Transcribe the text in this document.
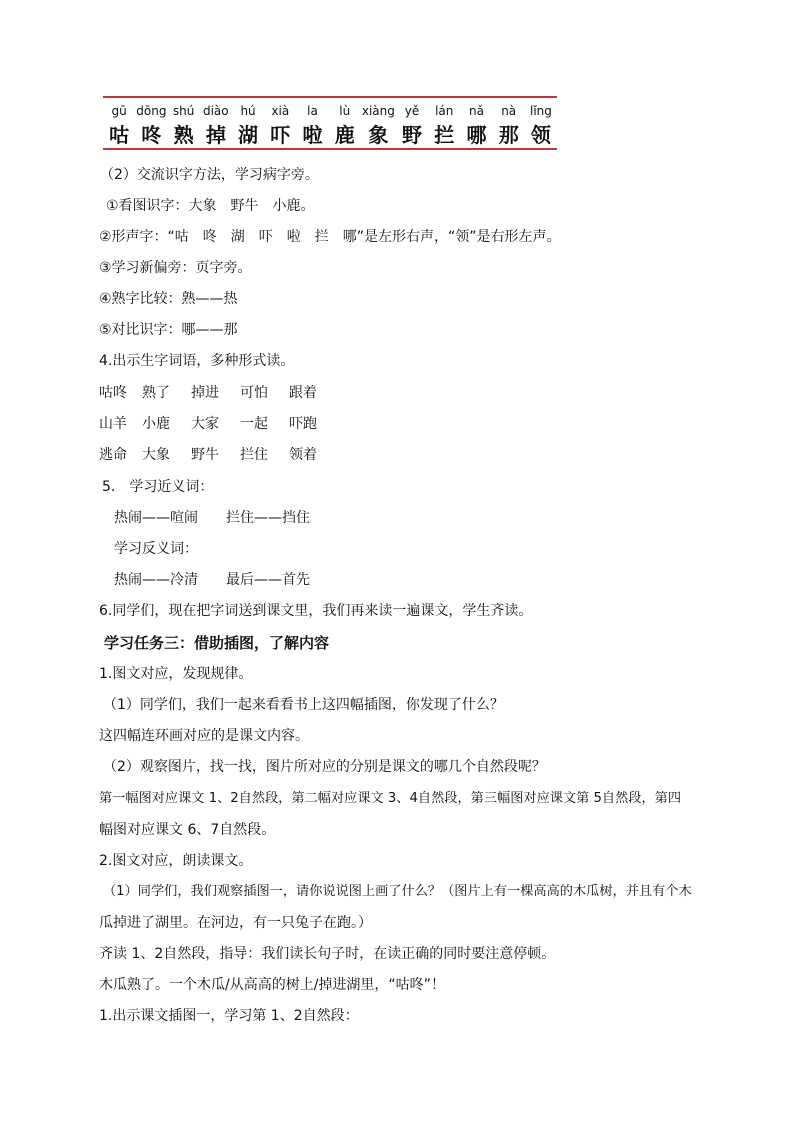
gū dōng shú diào hú	xià	la	lù xiàng yě	lán	nǎ	nà	lǐng
咕 咚 熟 掉 湖 吓 啦 鹿 象 野 拦 哪 那 领
（2）交流识字方法，学习病字旁。
①看图识字：大象　野牛　小鹿。
②形声字：“咕　咚　湖　吓　啦　拦　哪”是左形右声，“领”是右形左声。
③学习新偏旁：页字旁。
④熟字比较：熟——热
⑤对比识字：哪——那
4.出示生字词语，多种形式读。
咕咚	熟了	掉进	可怕	跟着
山羊	小鹿	大家	一起	吓跑
逃命	大象	野牛	拦住	领着
5.　学习近义词：
热闹——喧闹　　拦住——挡住
学习反义词：
热闹——冷清　　最后——首先
6.同学们，现在把字词送到课文里，我们再来读一遍课文，学生齐读。
学习任务三：借助插图，了解内容
1.图文对应，发现规律。
（1）同学们，我们一起来看看书上这四幅插图，你发现了什么？
这四幅连环画对应的是课文内容。
（2）观察图片，找一找，图片所对应的分别是课文的哪几个自然段呢？
第一幅图对应课文 1、2自然段，第二幅对应课文 3、4自然段，第三幅图对应课文第 5自然段，第四
幅图对应课文 6、7自然段。
2.图文对应，朗读课文。
（1）同学们，我们观察插图一，请你说说图上画了什么？（图片上有一棵高高的木瓜树，并且有个木
瓜掉进了湖里。在河边，有一只兔子在跑。）
齐读 1、2自然段，指导：我们读长句子时，在读正确的同时要注意停顿。
木瓜熟了。一个木瓜/从高高的树上/掉进湖里，“咕咚”！
1.出示课文插图一，学习第 1、2自然段：
